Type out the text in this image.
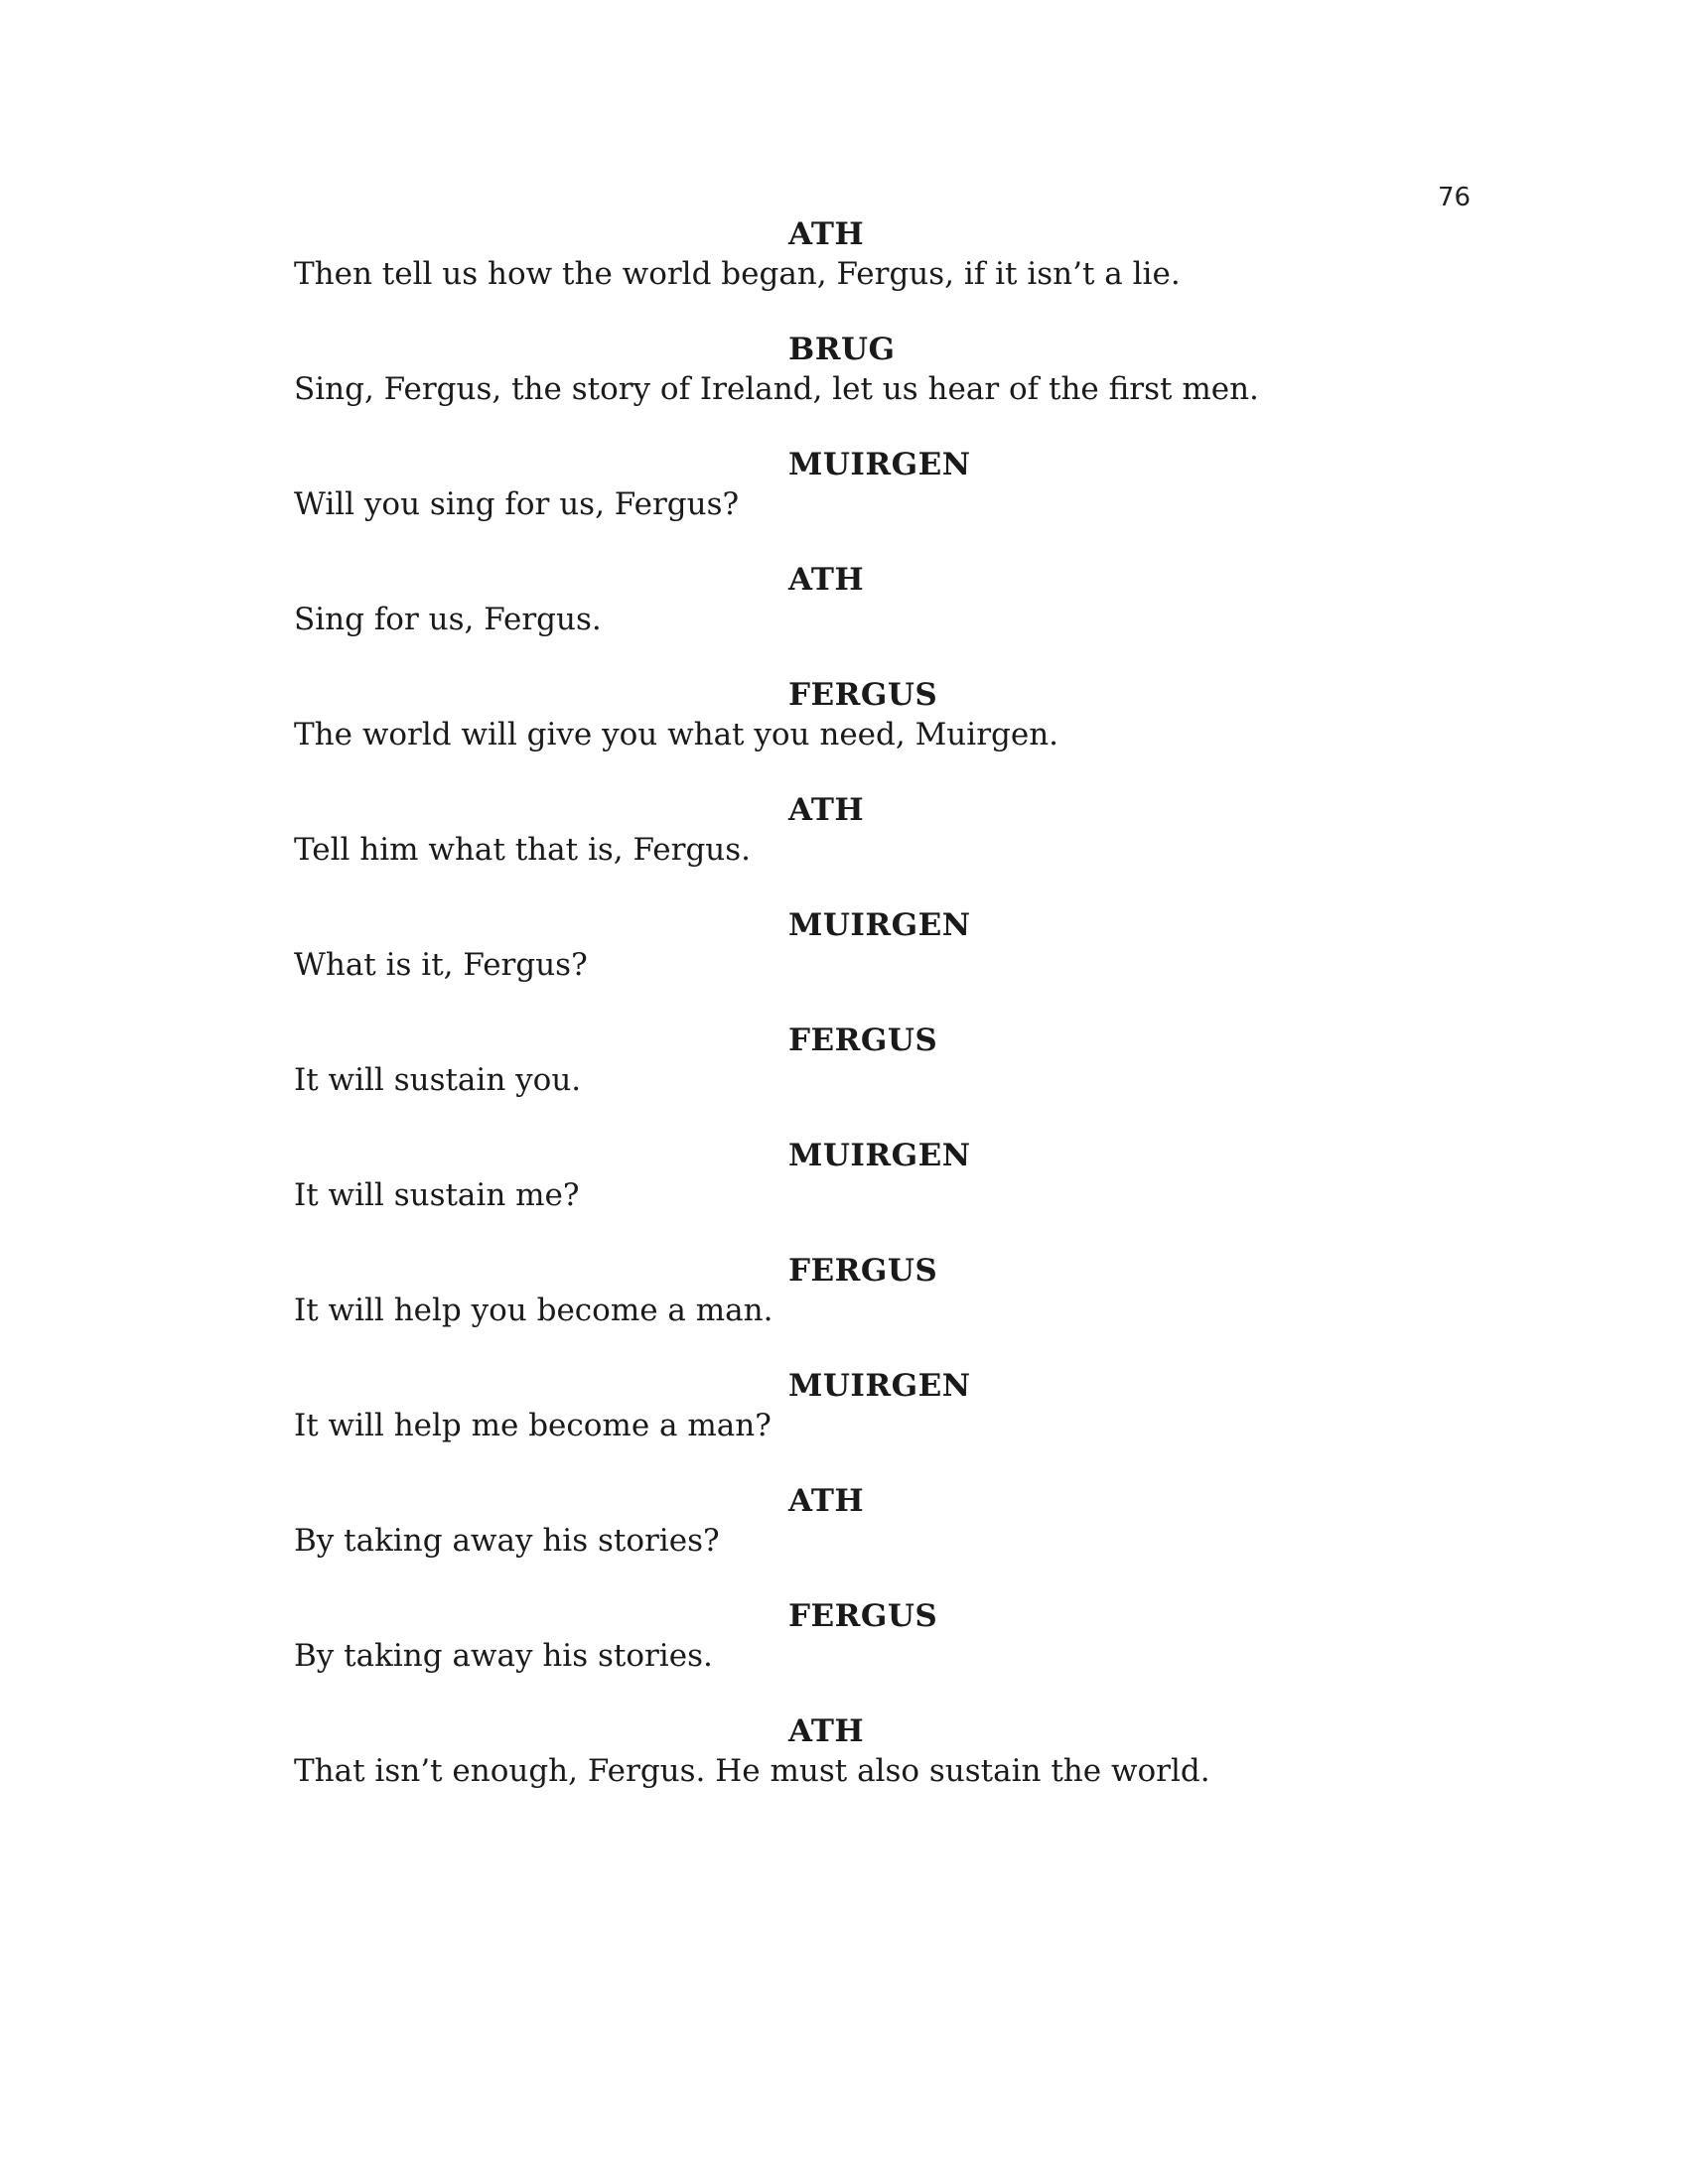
76
ATH
Then tell us how the world began, Fergus, if it isn’t a lie.
BRUG
Sing, Fergus, the story of Ireland, let us hear of the first men.
MUIRGEN
Will you sing for us, Fergus?
ATH
Sing for us, Fergus.
FERGUS
The world will give you what you need, Muirgen.
ATH
Tell him what that is, Fergus.
MUIRGEN
What is it, Fergus?
FERGUS
It will sustain you.
MUIRGEN
It will sustain me?
FERGUS
It will help you become a man.
MUIRGEN
It will help me become a man?
ATH
By taking away his stories?
FERGUS
By taking away his stories.
ATH
That isn’t enough, Fergus. He must also sustain the world.
